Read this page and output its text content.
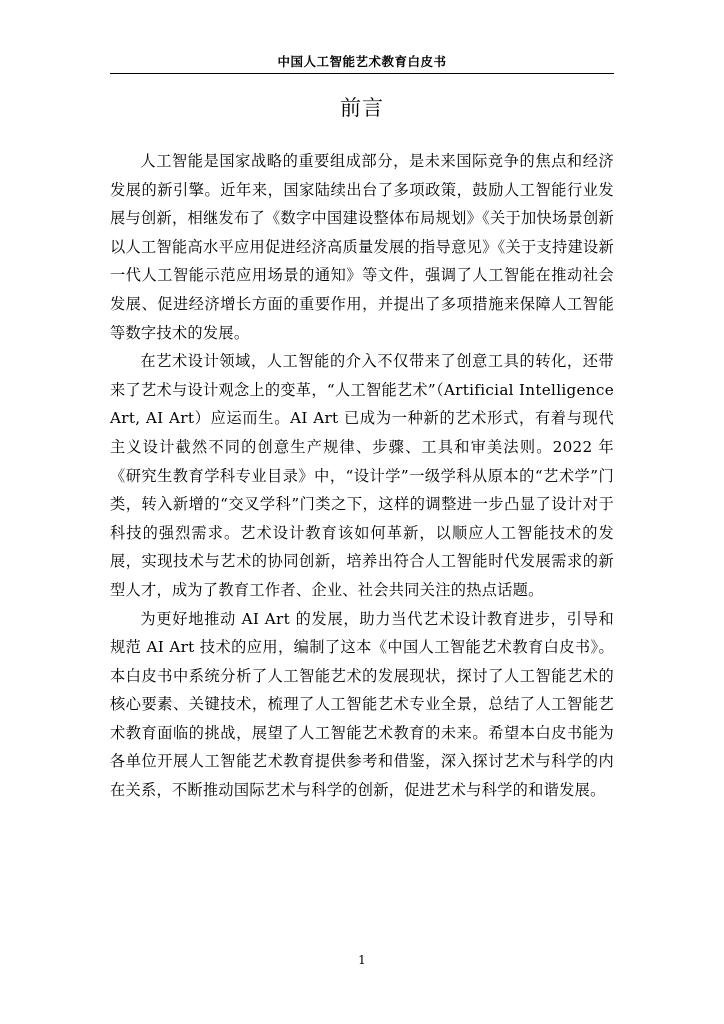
中国人工智能艺术教育白皮书
前言

人工智能是国家战略的重要组成部分，是未来国际竞争的焦点和经济发展的新引擎。近年来，国家陆续出台了多项政策，鼓励人工智能行业发展与创新，相继发布了《数字中国建设整体布局规划》《关于加快场景创新以人工智能高水平应用促进经济高质量发展的指导意见》《关于支持建设新一代人工智能示范应用场景的通知》等文件，强调了人工智能在推动社会发展、促进经济增长方面的重要作用，并提出了多项措施来保障人工智能等数字技术的发展。

在艺术设计领域，人工智能的介入不仅带来了创意工具的转化，还带来了艺术与设计观念上的变革，“人工智能艺术”（Artificial Intelligence Art, AI Art）应运而生。AI Art 已成为一种新的艺术形式，有着与现代主义设计截然不同的创意生产规律、步骤、工具和审美法则。2022 年《研究生教育学科专业目录》中，“设计学”一级学科从原本的“艺术学”门类，转入新增的“交叉学科”门类之下，这样的调整进一步凸显了设计对于科技的强烈需求。艺术设计教育该如何革新，以顺应人工智能技术的发展，实现技术与艺术的协同创新，培养出符合人工智能时代发展需求的新型人才，成为了教育工作者、企业、社会共同关注的热点话题。

为更好地推动 AI Art 的发展，助力当代艺术设计教育进步，引导和规范 AI Art 技术的应用，编制了这本《中国人工智能艺术教育白皮书》。本白皮书中系统分析了人工智能艺术的发展现状，探讨了人工智能艺术的核心要素、关键技术，梳理了人工智能艺术专业全景，总结了人工智能艺术教育面临的挑战，展望了人工智能艺术教育的未来。希望本白皮书能为各单位开展人工智能艺术教育提供参考和借鉴，深入探讨艺术与科学的内在关系，不断推动国际艺术与科学的创新，促进艺术与科学的和谐发展。

1
